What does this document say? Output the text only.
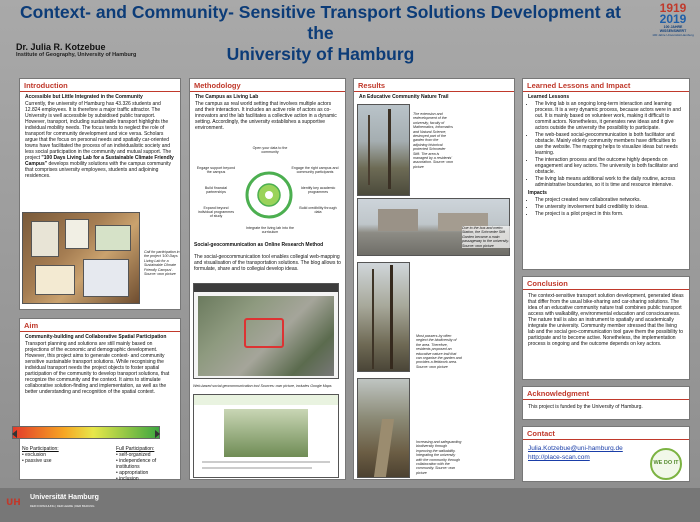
Context- and Community- Sensitive Transport Solutions Development at the
University of Hamburg
Dr. Julia R. Kotzebue
Institute of Geography, University of Hamburg
1919
2019
100 JAHRE
WISSENSWERT
100 Jahre Universität Hamburg
Introduction
Accessible but Little Integrated in the Community
Currently, the university of Hamburg has 43.326 students and 12.824 employees. It is therefore a major traffic attractor. The University is well accessible by subsidised public transport. However, transport, including sustainable transport highlights the individual mobility needs. The focus tends to neglect the role of transport for community development and vice versa. Scholars argue that the focus on personal needs and spatially car-oriented towns have facilitated the process of an individualistic society and less social participation in the community and mutual support. The project "100 Days Living Lab for a Sustainable Climate Friendly Campus" develops mobility solutions with the campus community that comprises university employees, students and adjoining residences.
Call for participation in the project '100 Days Living Lab for a Sustainable Climate Friendly Campus'. Source: own picture
Aim
Community-building and Collaborative Spatial Participation
Transport planning and solutions are still mainly based on projections of the economic and demographic development. However, this project aims to generate context- and community sensitive sustainable transport solutions. While recognising the individual transport needs the project objects to foster spatial participation of the community to develop transport solutions, that recognize the community and the context. It aims to stimulate collaborative solution-finding and implementation, as well as the better understanding and recognition of the spatial context.
No Participation:
• exclusion
• passive use
Full Participation:
• self-organized
• independence of institutions
• appropriation
• inclusion
Methodology
The Campus as Living Lab
The campus as real world setting that involves multiple actors and their interaction. It includes an active role of actors as co-innovators and the lab facilitates a collective action in a dynamic setting. Accordingly, the university establishes a supportive environment.
Open your data to the community
Engage the right campus and community participants
Identify key academic programmes
Build credibility through data
Integrate the living lab into the curriculum
Expand beyond individual programmes of study
Build financial partnerships
Engage support beyond the campus
Social-geocommunication as Online Research Method
The social-geocommunication tool enables collegial web-mapping and visualisation of the transportation solutions. The blog allows to formulate, share and to collegial develop ideas.
Web-based social geocommunication tool Sources: own picture, includes Google Maps
Results
An Educative Community Nature Trail
The extension and redevelopment of the university, faculty of Mathematics, Informatics and Natural Science, destroyed part of the garden from the adjoining historical protected Schroeder Stift. The area is managed by a residents' association. Source: own picture
Due to the bus and metro Station, the Schroeder Stift Garden became a main passageway to the university. Source: own picture
Most passers-by often neglect the biodiversity of the area. Therefore, residents proposed an educative nature trail that can organise the garden and provides a fieldwork area. Source: own picture
Increasing and safeguarding biodiversity through improving the walkability. Integrating the university with the community through collaboration with the community. Source: own picture
Learned Lessons and Impact
Learned Lessons
• The living lab is an ongoing long-term interaction and learning process. It is a very dynamic process, because actors were in and out. It is mainly based on volunteer work, making it difficult to commit actors. Nonetheless, it generates new ideas and it give actors outside the university the possibility to participate.
• The web-based social-geocommunication is both facilitator and obstacle. Mainly elderly community members have difficulties to use the website. The mapping helps to visualize ideas but needs learning.
• The interaction process and the outcome highly depends on engagement and key actors. The university is both facilitator and obstacle.
• The living lab means additional work to the daily routine, across administrative boundaries, so it is time and resource intensive.
Impacts
• The project created new collaborative networks.
• The university involvement build credibility to ideas.
• The project is a pilot project in this form.
Conclusion
The context-sensitive transport solution development, generated ideas that differ from the usual bike-sharing and car-sharing solutions. The idea of an educative community nature trail combines public transport access with walkability, environmental education and consciousness. The nature trail is also an instrument to spatially and academically integrate the university. Community member stressed that the living lab and the social geo-communication tool gave them the possibility to participate and to become active. Nonetheless, the implementation process is ongoing and the outcome depends on key actors.
Acknowledgment
This project is funded by the University of Hamburg.
Contact
Julia.Kotzebue@uni-hamburg.de
http://place-scan.com
WE DO IT
UH
Universität Hamburg
DER FORSCHUNG | DER LEHRE | DER BILDUNG
